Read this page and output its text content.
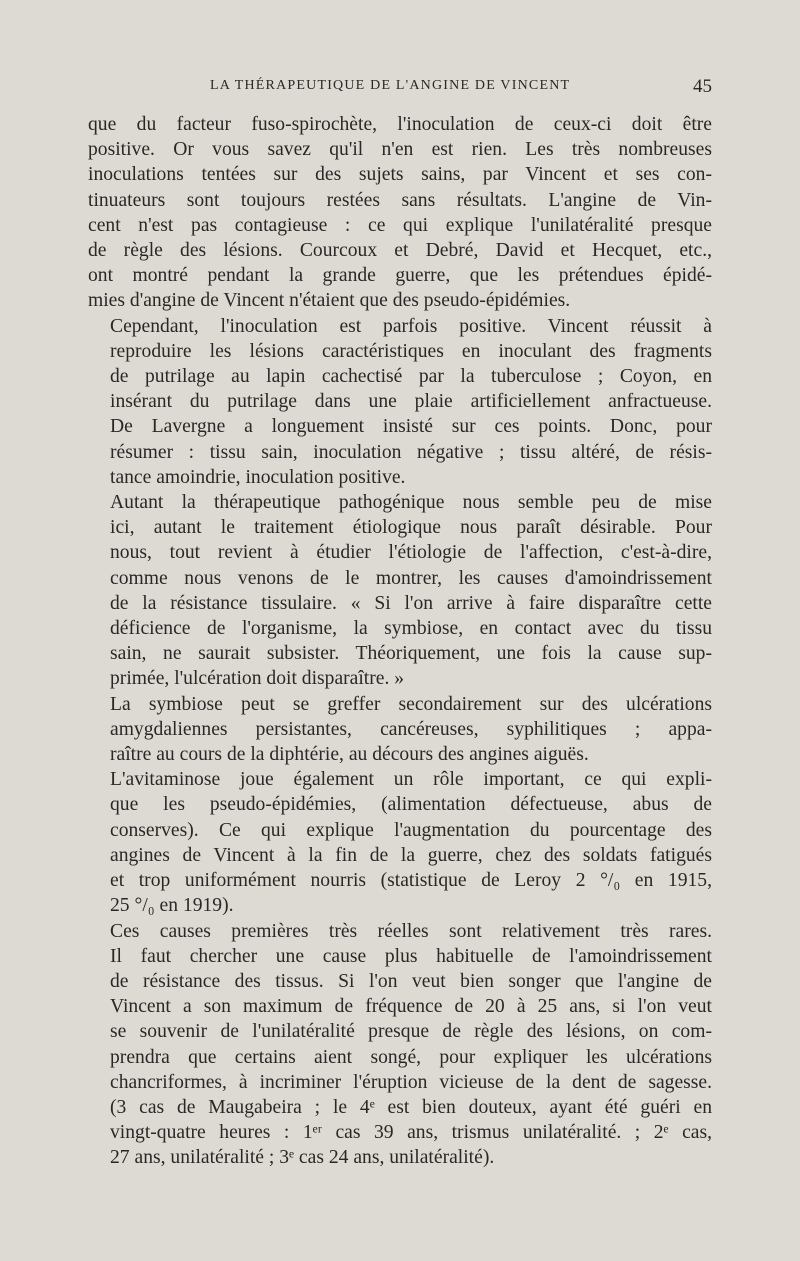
LA THÉRAPEUTIQUE DE L'ANGINE DE VINCENT	45
que du facteur fuso-spirochète, l'inoculation de ceux-ci doit être
positive. Or vous savez qu'il n'en est rien. Les très nombreuses
inoculations tentées sur des sujets sains, par Vincent et ses con-
tinuateurs sont toujours restées sans résultats. L'angine de Vin-
cent n'est pas contagieuse : ce qui explique l'unilatéralité presque
de règle des lésions. Courcoux et Debré, David et Hecquet, etc.,
ont montré pendant la grande guerre, que les prétendues épidé-
mies d'angine de Vincent n'étaient que des pseudo-épidémies.
Cependant, l'inoculation est parfois positive. Vincent réussit à
reproduire les lésions caractéristiques en inoculant des fragments
de putrilage au lapin cachectisé par la tuberculose ; Coyon, en
insérant du putrilage dans une plaie artificiellement anfractueuse.
De Lavergne a longuement insisté sur ces points. Donc, pour
résumer : tissu sain, inoculation négative ; tissu altéré, de résis-
tance amoindrie, inoculation positive.
Autant la thérapeutique pathogénique nous semble peu de mise
ici, autant le traitement étiologique nous paraît désirable. Pour
nous, tout revient à étudier l'étiologie de l'affection, c'est-à-dire,
comme nous venons de le montrer, les causes d'amoindrissement
de la résistance tissulaire. « Si l'on arrive à faire disparaître cette
déficience de l'organisme, la symbiose, en contact avec du tissu
sain, ne saurait subsister. Théoriquement, une fois la cause sup-
primée, l'ulcération doit disparaître. »
La symbiose peut se greffer secondairement sur des ulcérations
amygdaliennes persistantes, cancéreuses, syphilitiques ; appa-
raître au cours de la diphtérie, au décours des angines aiguës.
L'avitaminose joue également un rôle important, ce qui expli-
que les pseudo-épidémies, (alimentation défectueuse, abus de
conserves). Ce qui explique l'augmentation du pourcentage des
angines de Vincent à la fin de la guerre, chez des soldats fatigués
et trop uniformément nourris (statistique de Leroy 2 °/₀ en 1915,
25 °/₀ en 1919).
Ces causes premières très réelles sont relativement très rares.
Il faut chercher une cause plus habituelle de l'amoindrissement
de résistance des tissus. Si l'on veut bien songer que l'angine de
Vincent a son maximum de fréquence de 20 à 25 ans, si l'on veut
se souvenir de l'unilatéralité presque de règle des lésions, on com-
prendra que certains aient songé, pour expliquer les ulcérations
chancriformes, à incriminer l'éruption vicieuse de la dent de sagesse.
(3 cas de Maugabeira ; le 4ᵉ est bien douteux, ayant été guéri en
vingt-quatre heures : 1ᵉʳ cas 39 ans, trismus unilatéralité. ; 2ᵉ cas,
27 ans, unilatéralité ; 3ᵉ cas 24 ans, unilatéralité).
